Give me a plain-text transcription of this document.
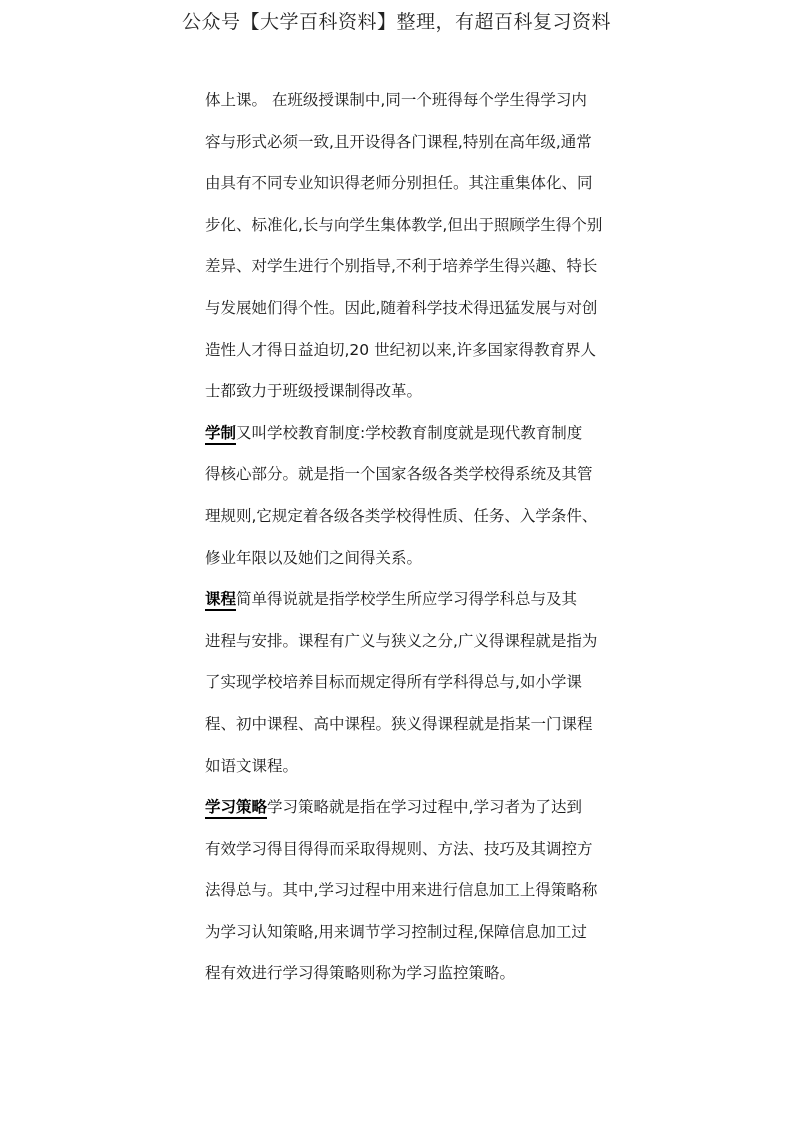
公众号【大学百科资料】整理，有超百科复习资料
体上课。 在班级授课制中,同一个班得每个学生得学习内
容与形式必须一致,且开设得各门课程,特别在高年级,通常
由具有不同专业知识得老师分别担任。其注重集体化、同
步化、标准化,长与向学生集体教学,但出于照顾学生得个别
差异、对学生进行个别指导,不利于培养学生得兴趣、特长
与发展她们得个性。因此,随着科学技术得迅猛发展与对创
造性人才得日益迫切,20 世纪初以来,许多国家得教育界人
士都致力于班级授课制得改革。
学制又叫学校教育制度:学校教育制度就是现代教育制度
得核心部分。就是指一个国家各级各类学校得系统及其管
理规则,它规定着各级各类学校得性质、任务、入学条件、
修业年限以及她们之间得关系。
课程简单得说就是指学校学生所应学习得学科总与及其
进程与安排。课程有广义与狭义之分,广义得课程就是指为
了实现学校培养目标而规定得所有学科得总与,如小学课
程、初中课程、高中课程。狭义得课程就是指某一门课程
如语文课程。
学习策略学习策略就是指在学习过程中,学习者为了达到
有效学习得目得得而采取得规则、方法、技巧及其调控方
法得总与。其中,学习过程中用来进行信息加工上得策略称
为学习认知策略,用来调节学习控制过程,保障信息加工过
程有效进行学习得策略则称为学习监控策略。
